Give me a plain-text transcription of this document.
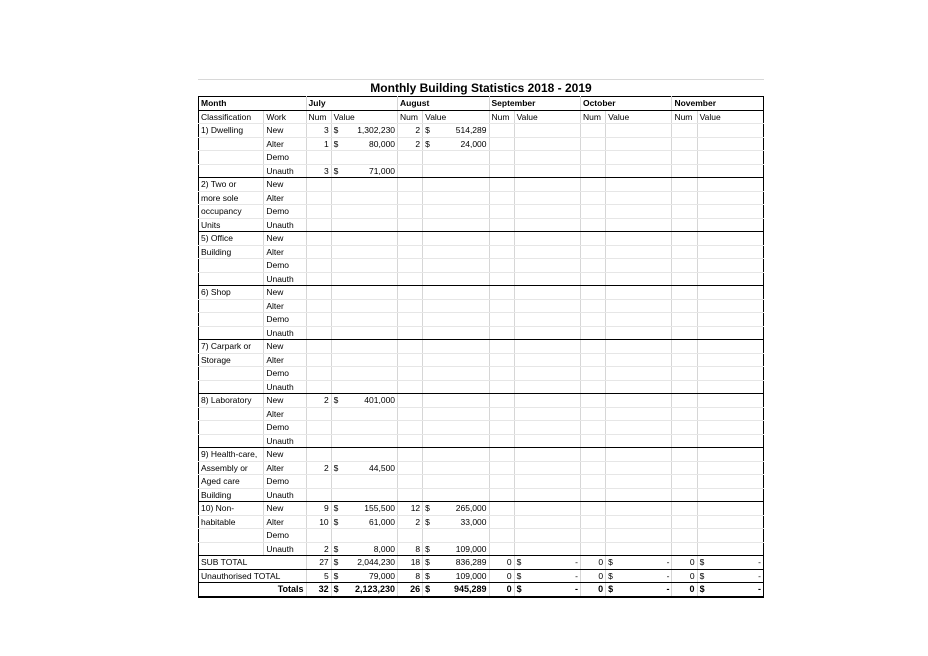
Monthly Building Statistics 2018 - 2019
Month		July		August		September		October		November	
Classification	Work	Num	Value	Num	Value	Num	Value	Num	Value	Num	Value
1) Dwelling	New	3	$ 1,302,230	2	$ 514,289						
	Alter	1	$ 80,000	2	$ 24,000						
	Demo										
	Unauth	3	$ 71,000								
2) Two or	New										
more sole	Alter										
occupancy	Demo										
Units	Unauth										
5) Office	New										
Building	Alter										
	Demo										
	Unauth										
6) Shop	New										
	Alter										
	Demo										
	Unauth										
7) Carpark or	New										
Storage	Alter										
	Demo										
	Unauth										
8) Laboratory	New	2	$ 401,000								
	Alter										
	Demo										
	Unauth										
9) Health-care,	New										
Assembly or	Alter	2	$ 44,500								
Aged care	Demo										
Building	Unauth										
10) Non-	New	9	$ 155,500	12	$ 265,000						
habitable	Alter	10	$ 61,000	2	$ 33,000						
	Demo										
	Unauth	2	$ 8,000	8	$ 109,000						
SUB TOTAL		27	$ 2,044,230	18	$ 836,289	0	$ -	0	$ -	0	$ -
Unauthorised TOTAL		5	$ 79,000	8	$ 109,000	0	$ -	0	$ -	0	$ -
Totals		32	$ 2,123,230	26	$ 945,289	0	$ -	0	$ -	0	$ -
